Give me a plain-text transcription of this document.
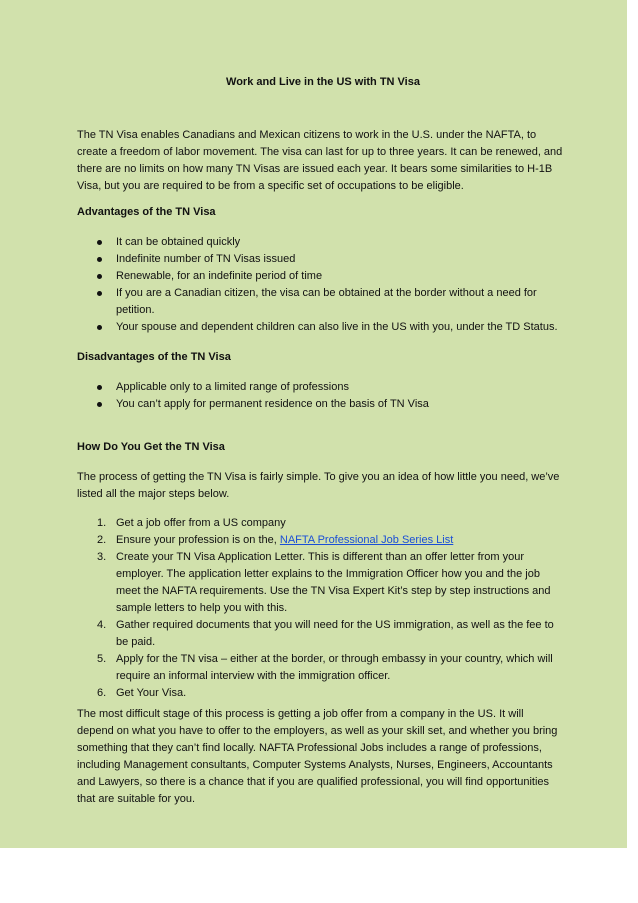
Work and Live in the US with TN Visa

The TN Visa enables Canadians and Mexican citizens to work in the U.S. under the NAFTA, to create a freedom of labor movement. The visa can last for up to three years. It can be renewed, and there are no limits on how many TN Visas are issued each year. It bears some similarities to H-1B Visa, but you are required to be from a specific set of occupations to be eligible.

Advantages of the TN Visa

It can be obtained quickly
Indefinite number of TN Visas issued
Renewable, for an indefinite period of time
If you are a Canadian citizen, the visa can be obtained at the border without a need for petition.
Your spouse and dependent children can also live in the US with you, under the TD Status.

Disadvantages of the TN Visa

Applicable only to a limited range of professions
You can’t apply for permanent residence on the basis of TN Visa

How Do You Get the TN Visa

The process of getting the TN Visa is fairly simple. To give you an idea of how little you need, we’ve listed all the major steps below.

1. Get a job offer from a US company
2. Ensure your profession is on the, NAFTA Professional Job Series List
3. Create your TN Visa Application Letter. This is different than an offer letter from your employer. The application letter explains to the Immigration Officer how you and the job meet the NAFTA requirements. Use the TN Visa Expert Kit’s step by step instructions and sample letters to help you with this.
4. Gather required documents that you will need for the US immigration, as well as the fee to be paid.
5. Apply for the TN visa – either at the border, or through embassy in your country, which will require an informal interview with the immigration officer.
6. Get Your Visa.

The most difficult stage of this process is getting a job offer from a company in the US. It will depend on what you have to offer to the employers, as well as your skill set, and whether you bring something that they can’t find locally. NAFTA Professional Jobs includes a range of professions, including Management consultants, Computer Systems Analysts, Nurses, Engineers, Accountants and Lawyers, so there is a chance that if you are qualified professional, you will find opportunities that are suitable for you.
